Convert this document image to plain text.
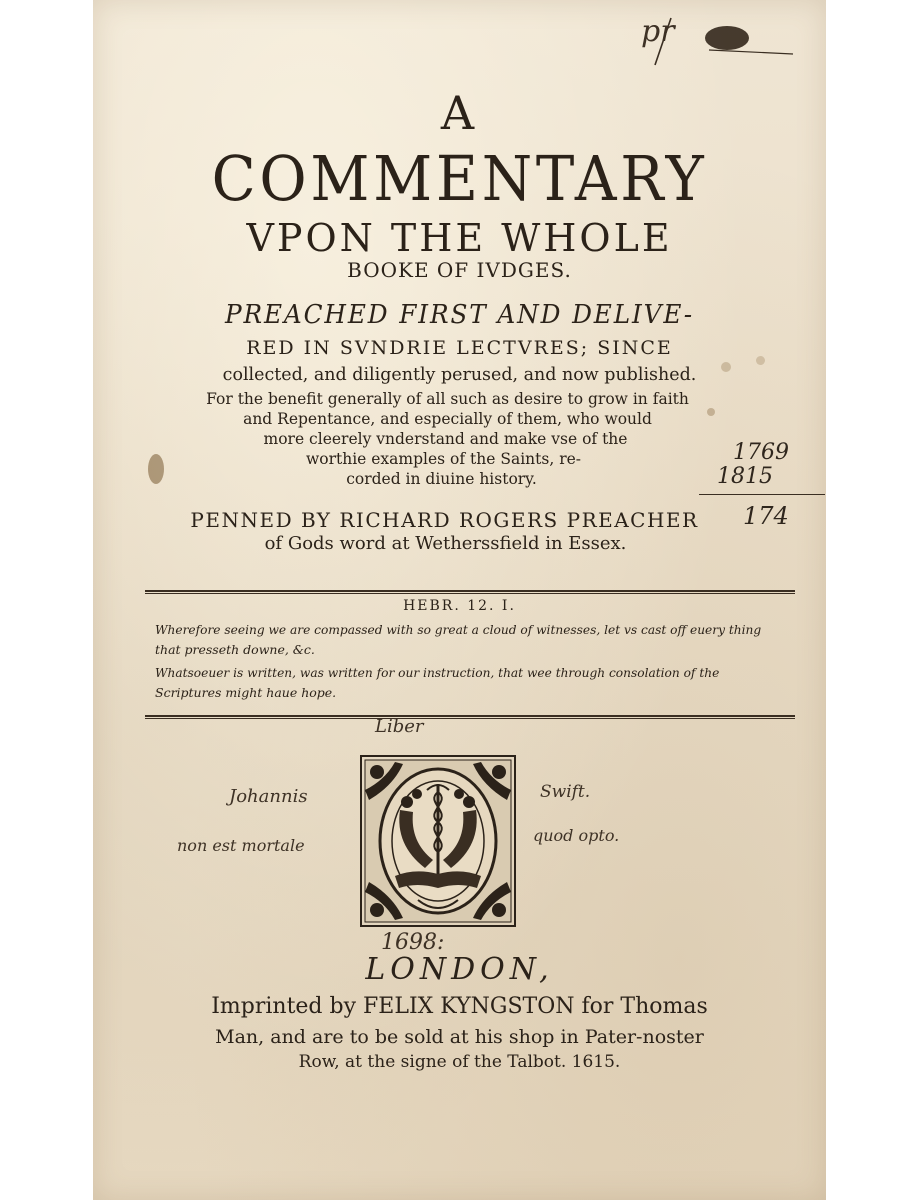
pr
A
COMMENTARY
VPON THE WHOLE
BOOKE OF IVDGES.
PREACHED FIRST AND DELIVE-
RED IN SVNDRIE LECTVRES; SINCE
collected, and diligently perused, and now published.
For the benefit generally of all such as desire to grow in faith
and Repentance, and especially of them, who would
more cleerely vnderstand and make vse of the
worthie examples of the Saints, re-
corded in diuine history.
1769
1815
174
PENNED BY RICHARD ROGERS PREACHER
of Gods word at Wetherssfield in Essex.
HEBR. 12. I.
Wherefore seeing we are compassed with so great a cloud of witnesses, let vs cast off euery thing
that presseth downe, &c.
Whatsoeuer is written, was written for our instruction, that wee through consolation of the
Scriptures might haue hope.
Liber
Johannis	Swift.
non est mortale
quod opto.
1698:
LONDON,
Imprinted by FELIX KYNGSTON for Thomas
Man, and are to be sold at his shop in Pater-noster
Row, at the signe of the Talbot. 1615.
